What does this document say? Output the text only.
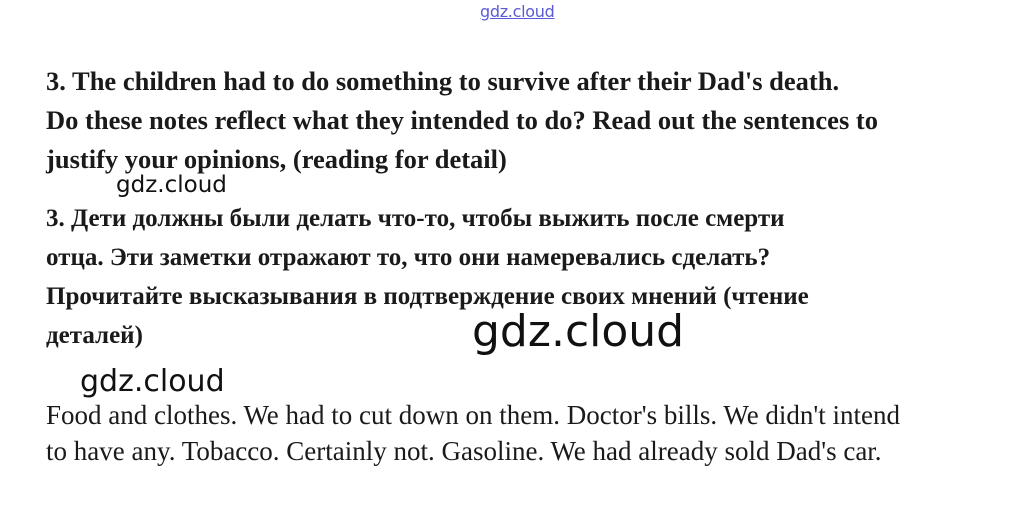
gdz.cloud
3. The children had to do something to survive after their Dad's death.
Do these notes reflect what they intended to do? Read out the sentences to
justify your opinions, (reading for detail)
gdz.cloud
3. Дети должны были делать что-то, чтобы выжить после смерти
отца. Эти заметки отражают то, что они намеревались сделать?
Прочитайте высказывания в подтверждение своих мнений (чтение
деталей)	gdz.cloud
gdz.cloud
Food and clothes. We had to cut down on them. Doctor's bills. We didn't intend
to have any. Tobacco. Certainly not. Gasoline. We had already sold Dad's car.
